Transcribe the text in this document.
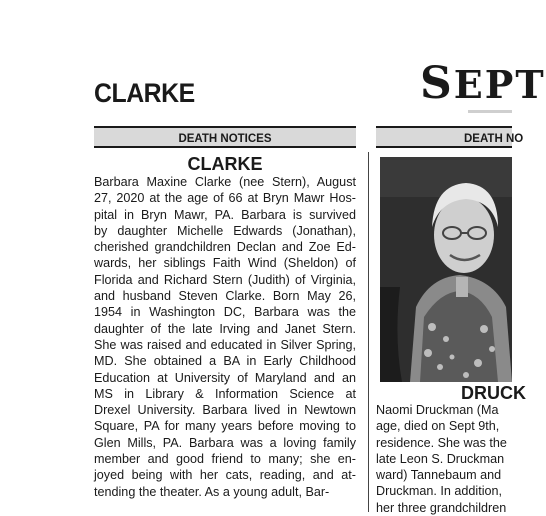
CLARKE	SEPT
DEATH NOTICES	DEATH NO
CLARKE
Barbara Maxine Clarke (nee Stern), August
27, 2020 at the age of 66 at Bryn Mawr Hos-
pital in Bryn Mawr, PA. Barbara is survived
by daughter Michelle Edwards (Jonathan),
cherished grandchildren Declan and Zoe Ed-
wards, her siblings Faith Wind (Sheldon) of
Florida and Richard Stern (Judith) of Virginia,
and husband Steven Clarke. Born May 26,
1954 in Washington DC, Barbara was the
daughter of the late Irving and Janet Stern.
She was raised and educated in Silver Spring,
MD. She obtained a BA in Early Childhood
Education at University of Maryland and an
MS in Library & Information Science at
Drexel University. Barbara lived in Newtown
Square, PA for many years before moving to
Glen Mills, PA. Barbara was a loving family
member and good friend to many; she en-
joyed being with her cats, reading, and at-
tending the theater. As a young adult, Bar-
DRUCK
Naomi Druckman (Ma
age, died on Sept 9th,
residence. She was the
late Leon S. Druckman
ward) Tannebaum and
Druckman. In addition,
her three grandchildren
